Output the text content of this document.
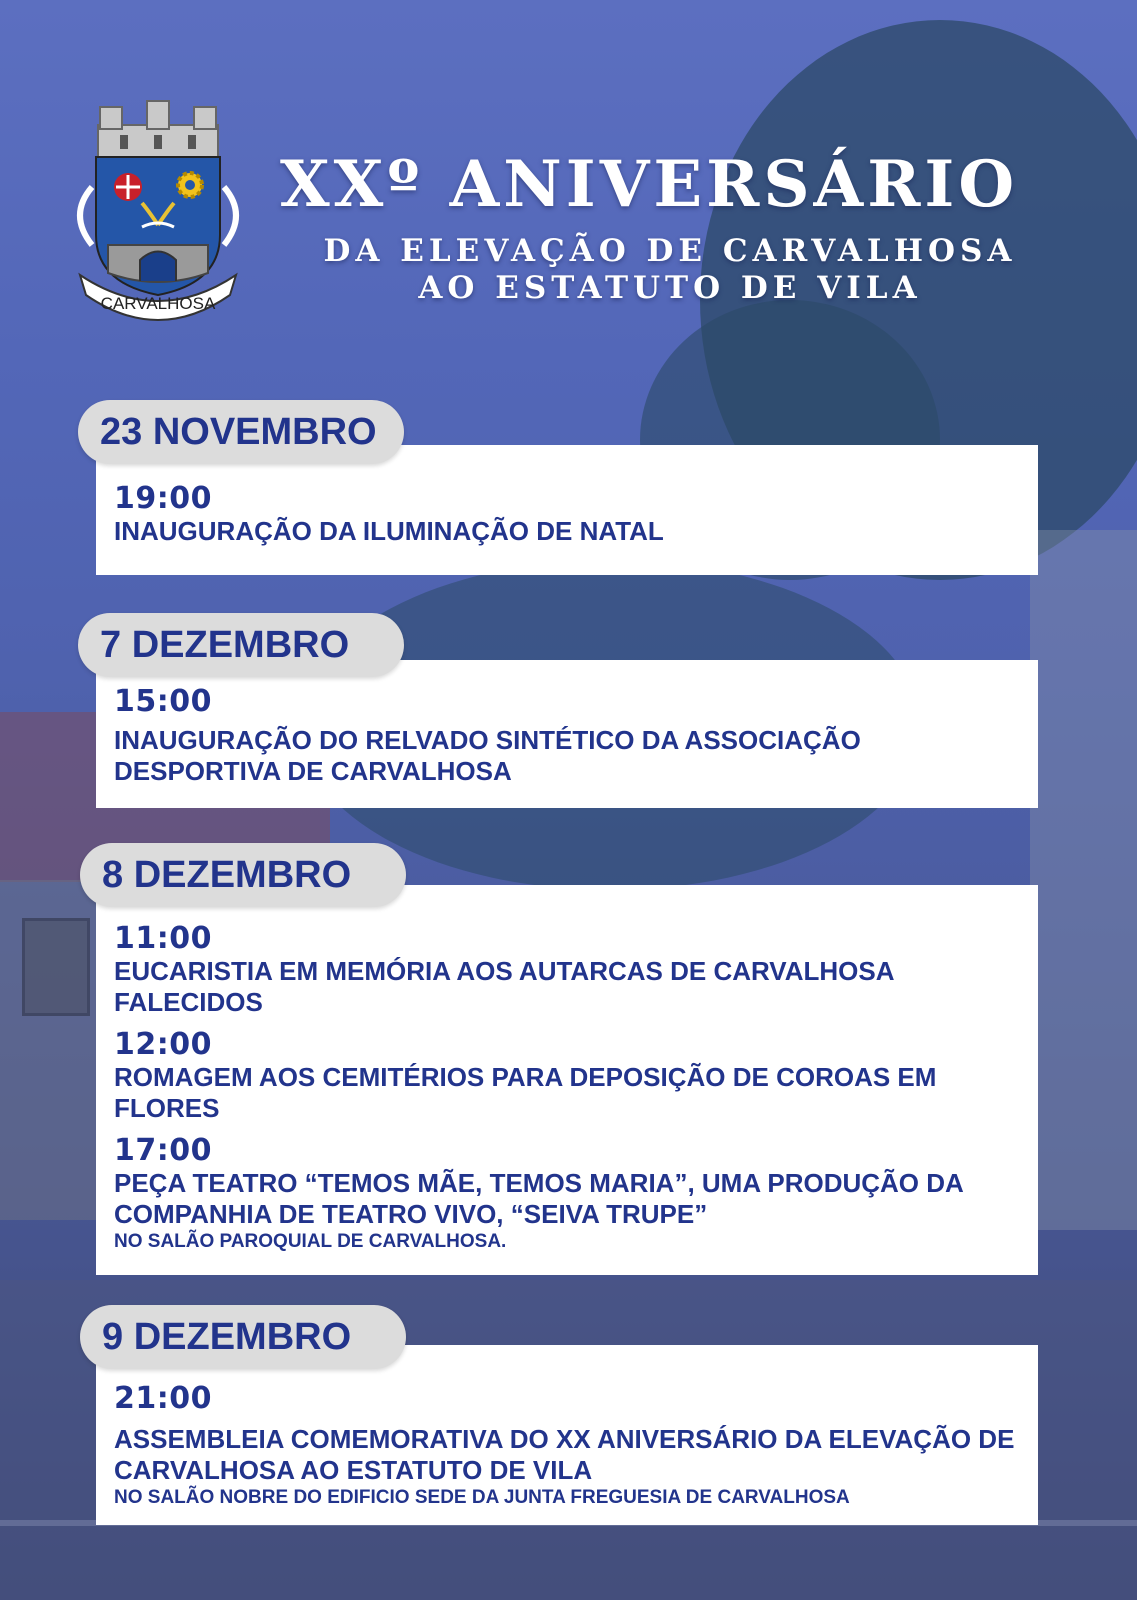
CARVALHOSA
XXº ANIVERSÁRIO
DA ELEVAÇÃO DE CARVALHOSA
AO ESTATUTO DE VILA
23 NOVEMBRO
19:00
INAUGURAÇÃO DA ILUMINAÇÃO DE NATAL
7 DEZEMBRO
15:00
INAUGURAÇÃO DO RELVADO SINTÉTICO DA ASSOCIAÇÃO
DESPORTIVA DE CARVALHOSA
8 DEZEMBRO
11:00
EUCARISTIA EM MEMÓRIA AOS AUTARCAS DE CARVALHOSA
FALECIDOS
12:00
ROMAGEM AOS CEMITÉRIOS PARA DEPOSIÇÃO DE COROAS EM
FLORES
17:00
PEÇA TEATRO “TEMOS MÃE, TEMOS MARIA”, UMA PRODUÇÃO DA
COMPANHIA DE TEATRO VIVO, “SEIVA TRUPE”
NO SALÃO PAROQUIAL DE CARVALHOSA.
9 DEZEMBRO
21:00
ASSEMBLEIA COMEMORATIVA DO XX ANIVERSÁRIO DA ELEVAÇÃO DE
CARVALHOSA AO ESTATUTO DE VILA
NO SALÃO NOBRE DO EDIFICIO SEDE DA JUNTA FREGUESIA DE CARVALHOSA
